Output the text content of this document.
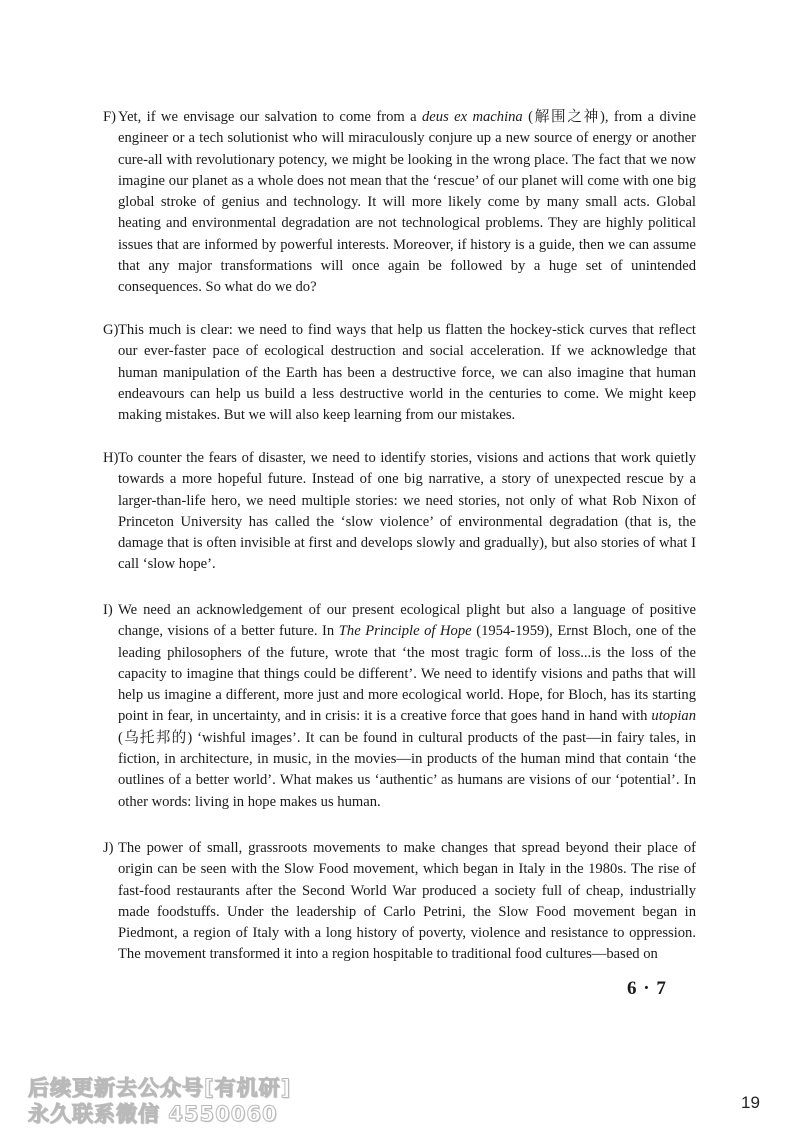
F) Yet, if we envisage our salvation to come from a deus ex machina (解围之神), from a divine engineer or a tech solutionist who will miraculously conjure up a new source of energy or another cure-all with revolutionary potency, we might be looking in the wrong place. The fact that we now imagine our planet as a whole does not mean that the ‘rescue’ of our planet will come with one big global stroke of genius and technology. It will more likely come by many small acts. Global heating and environmental degradation are not technological problems. They are highly political issues that are informed by powerful interests. Moreover, if history is a guide, then we can assume that any major transformations will once again be followed by a huge set of unintended consequences. So what do we do?
G) This much is clear: we need to find ways that help us flatten the hockey-stick curves that reflect our ever-faster pace of ecological destruction and social acceleration. If we acknowledge that human manipulation of the Earth has been a destructive force, we can also imagine that human endeavours can help us build a less destructive world in the centuries to come. We might keep making mistakes. But we will also keep learning from our mistakes.
H) To counter the fears of disaster, we need to identify stories, visions and actions that work quietly towards a more hopeful future. Instead of one big narrative, a story of unexpected rescue by a larger-than-life hero, we need multiple stories: we need stories, not only of what Rob Nixon of Princeton University has called the ‘slow violence’ of environmental degradation (that is, the damage that is often invisible at first and develops slowly and gradually), but also stories of what I call ‘slow hope’.
I) We need an acknowledgement of our present ecological plight but also a language of positive change, visions of a better future. In The Principle of Hope (1954-1959), Ernst Bloch, one of the leading philosophers of the future, wrote that ‘the most tragic form of loss...is the loss of the capacity to imagine that things could be different’. We need to identify visions and paths that will help us imagine a different, more just and more ecological world. Hope, for Bloch, has its starting point in fear, in uncertainty, and in crisis: it is a creative force that goes hand in hand with utopian (乌托邦的) ‘wishful images’. It can be found in cultural products of the past—in fairy tales, in fiction, in architecture, in music, in the movies—in products of the human mind that contain ‘the outlines of a better world’. What makes us ‘authentic’ as humans are visions of our ‘potential’. In other words: living in hope makes us human.
J) The power of small, grassroots movements to make changes that spread beyond their place of origin can be seen with the Slow Food movement, which began in Italy in the 1980s. The rise of fast-food restaurants after the Second World War produced a society full of cheap, industrially made foodstuffs. Under the leadership of Carlo Petrini, the Slow Food movement began in Piedmont, a region of Italy with a long history of poverty, violence and resistance to oppression. The movement transformed it into a region hospitable to traditional food cultures—based on
6 · 7
后续更新去公众号[有机研]
永久联系微信 4550060	19
